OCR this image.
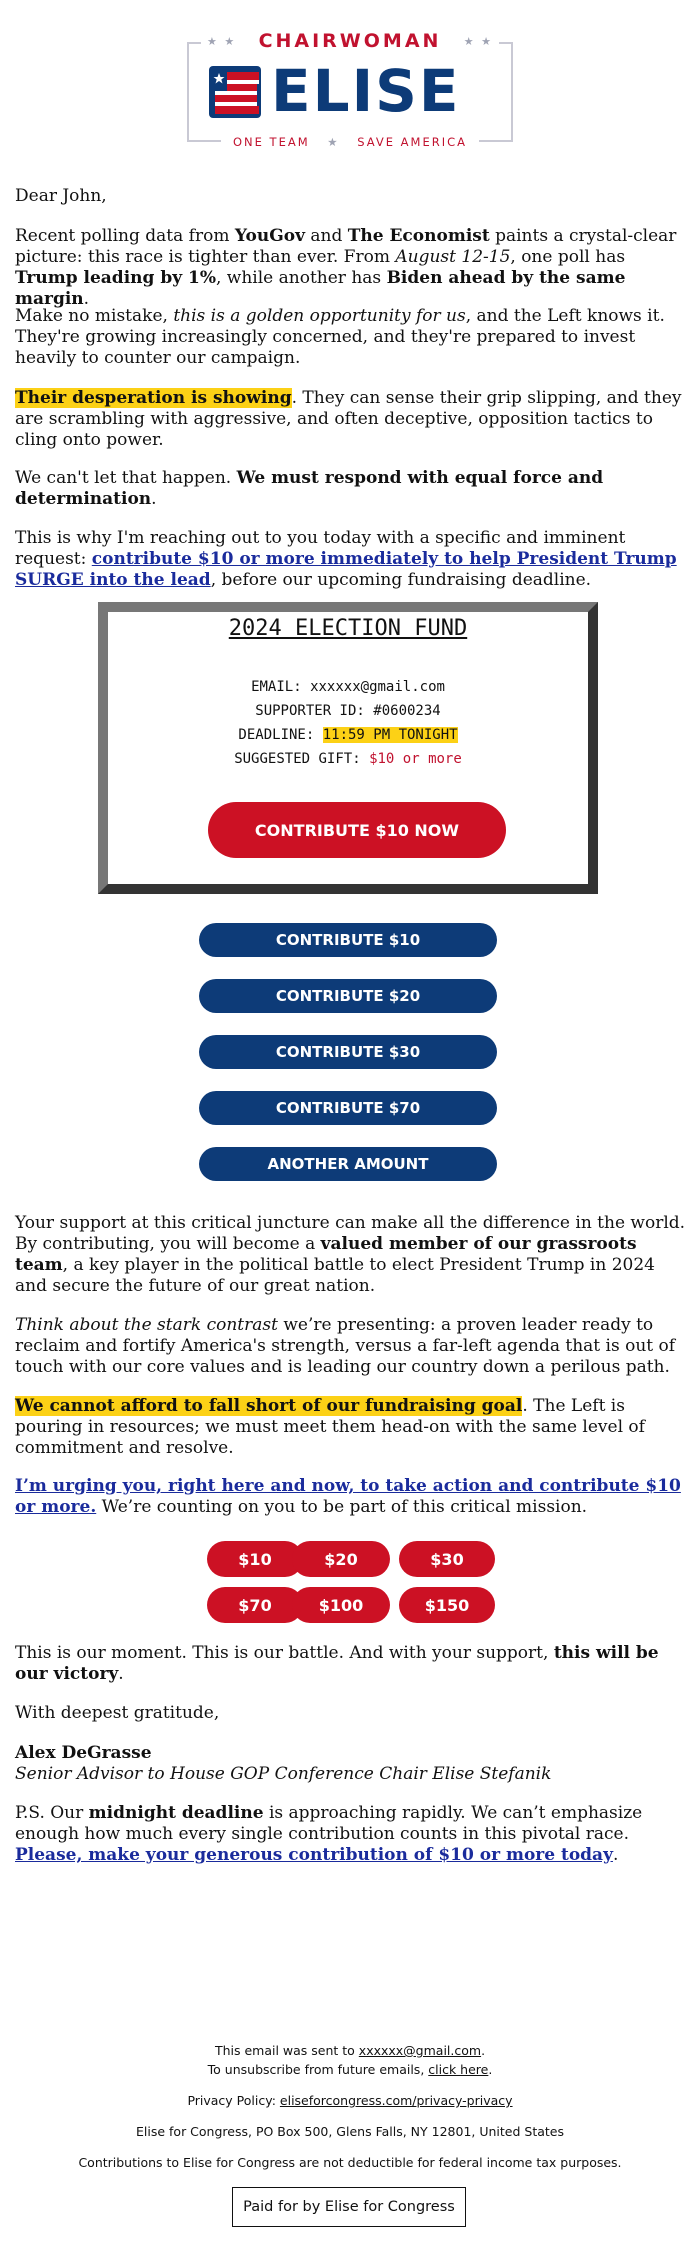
★ ★	★ ★
CHAIRWOMAN
ELISE
ONE TEAM ★ SAVE AMERICA
Dear John,
Recent polling data from YouGov and The Economist paints a crystal-clear picture: this race is tighter than ever. From August 12-15, one poll has Trump leading by 1%, while another has Biden ahead by the same margin.
Make no mistake, this is a golden opportunity for us, and the Left knows it. They're growing increasingly concerned, and they're prepared to invest heavily to counter our campaign.
Their desperation is showing. They can sense their grip slipping, and they are scrambling with aggressive, and often deceptive, opposition tactics to cling onto power.
We can't let that happen. We must respond with equal force and determination.
This is why I'm reaching out to you today with a specific and imminent request: contribute $10 or more immediately to help President Trump SURGE into the lead, before our upcoming fundraising deadline.
2024 ELECTION FUND
EMAIL: xxxxxx@gmail.com
SUPPORTER ID: #0600234
DEADLINE: 11:59 PM TONIGHT
SUGGESTED GIFT: $10 or more
CONTRIBUTE $10 NOW
CONTRIBUTE $10
CONTRIBUTE $20
CONTRIBUTE $30
CONTRIBUTE $70
ANOTHER AMOUNT
Your support at this critical juncture can make all the difference in the world. By contributing, you will become a valued member of our grassroots team, a key player in the political battle to elect President Trump in 2024 and secure the future of our great nation.
Think about the stark contrast we’re presenting: a proven leader ready to reclaim and fortify America's strength, versus a far-left agenda that is out of touch with our core values and is leading our country down a perilous path.
We cannot afford to fall short of our fundraising goal. The Left is pouring in resources; we must meet them head-on with the same level of commitment and resolve.
I’m urging you, right here and now, to take action and contribute $10 or more. We’re counting on you to be part of this critical mission.
$10	$20	$30
$70	$100	$150
This is our moment. This is our battle. And with your support, this will be our victory.
With deepest gratitude,
Alex DeGrasse
Senior Advisor to House GOP Conference Chair Elise Stefanik
P.S. Our midnight deadline is approaching rapidly. We can’t emphasize enough how much every single contribution counts in this pivotal race. Please, make your generous contribution of $10 or more today.
This email was sent to xxxxxx@gmail.com.
To unsubscribe from future emails, click here.
Privacy Policy: eliseforcongress.com/privacy-privacy
Elise for Congress, PO Box 500, Glens Falls, NY 12801, United States
Contributions to Elise for Congress are not deductible for federal income tax purposes.
Paid for by Elise for Congress
